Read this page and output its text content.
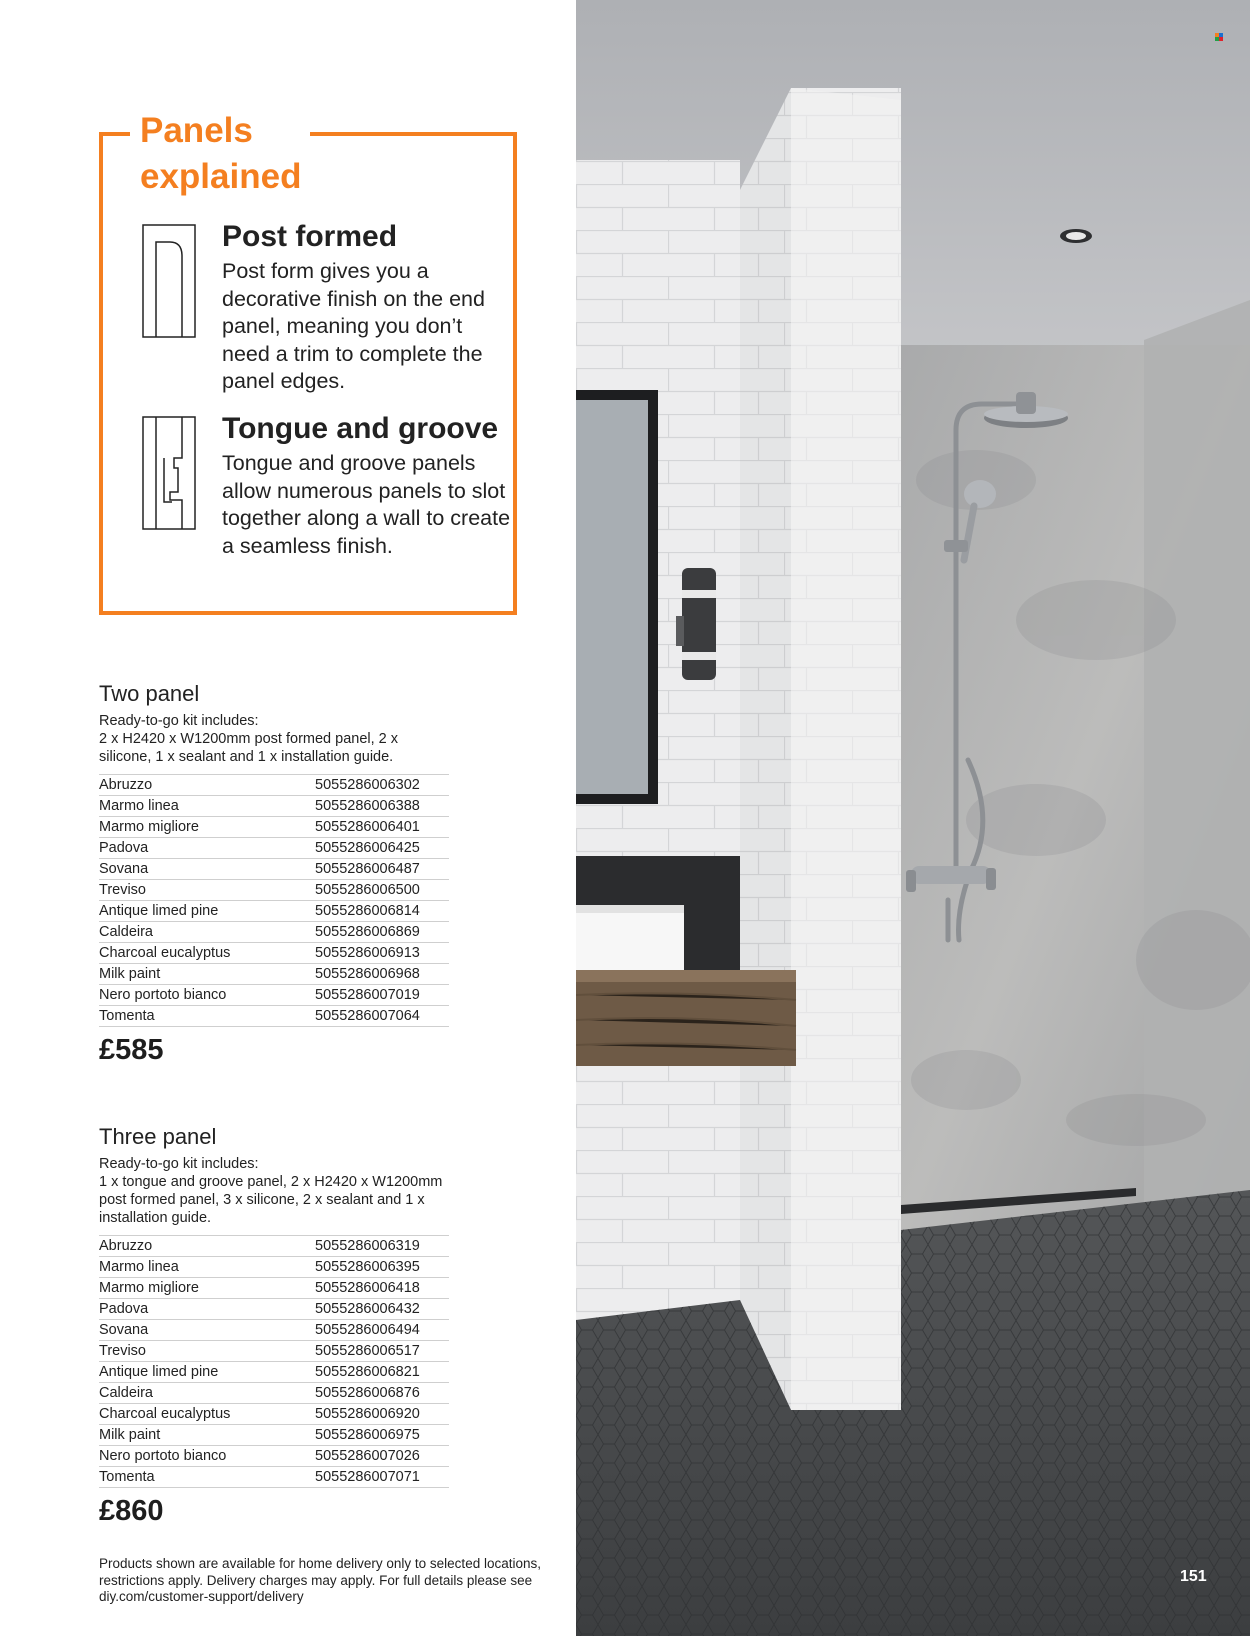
Panels explained
Post formed
Post form gives you a decorative finish on the end panel, meaning you don’t need a trim to complete the panel edges.
Tongue and groove
Tongue and groove panels allow numerous panels to slot together along a wall to create a seamless finish.
Two panel
Ready-to-go kit includes:
2 x H2420 x W1200mm post formed panel, 2 x silicone, 1 x sealant and 1 x installation guide.
Abruzzo	5055286006302
Marmo linea	5055286006388
Marmo migliore	5055286006401
Padova	5055286006425
Sovana	5055286006487
Treviso	5055286006500
Antique limed pine	5055286006814
Caldeira	5055286006869
Charcoal eucalyptus	5055286006913
Milk paint	5055286006968
Nero portoto bianco	5055286007019
Tomenta	5055286007064
£585
Three panel
Ready-to-go kit includes:
1 x tongue and groove panel, 2 x H2420 x W1200mm post formed panel, 3 x silicone, 2 x sealant and 1 x installation guide.
Abruzzo	5055286006319
Marmo linea	5055286006395
Marmo migliore	5055286006418
Padova	5055286006432
Sovana	5055286006494
Treviso	5055286006517
Antique limed pine	5055286006821
Caldeira	5055286006876
Charcoal eucalyptus	5055286006920
Milk paint	5055286006975
Nero portoto bianco	5055286007026
Tomenta	5055286007071
£860
Products shown are available for home delivery only to selected locations, restrictions apply. Delivery charges may apply. For full details please see diy.com/customer-support/delivery
151
